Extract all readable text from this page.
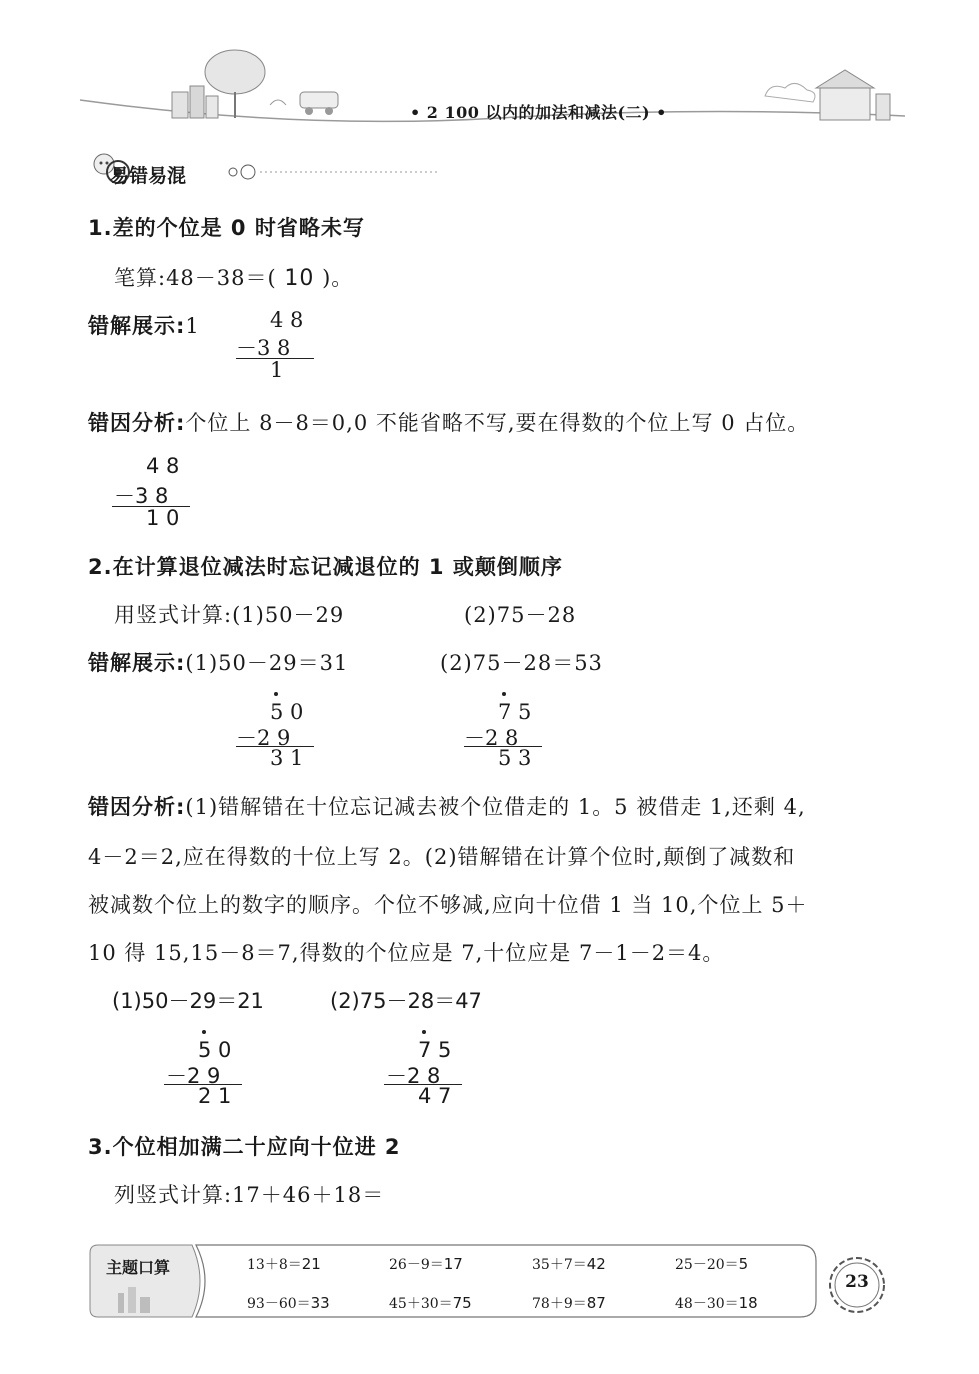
• 2 100 以内的加法和减法(二) •
易错易混
1.差的个位是 0 时省略未写
笔算:48－38＝( 10 )。
错解展示:1	4 8
－3 8
1
错因分析:个位上 8－8＝0,0 不能省略不写,要在得数的个位上写 0 占位。
4 8
－3 8
1 0
2.在计算退位减法时忘记减退位的 1 或颠倒顺序
用竖式计算:(1)50－29	(2)75－28
错解展示:(1)50－29＝31	(2)75－28＝53
5 0
－2 9
3 1
7 5
－2 8
5 3
错因分析:(1)错解错在十位忘记减去被个位借走的 1。5 被借走 1,还剩 4,
4－2＝2,应在得数的十位上写 2。(2)错解错在计算个位时,颠倒了减数和
被减数个位上的数字的顺序。个位不够减,应向十位借 1 当 10,个位上 5＋
10 得 15,15－8＝7,得数的个位应是 7,十位应是 7－1－2＝4。
(1)50－29＝21	(2)75－28＝47
5 0
－2 9
2 1
7 5
－2 8
4 7
3.个位相加满二十应向十位进 2
列竖式计算:17＋46＋18＝
主题口算	13＋8＝21	26－9＝17	35＋7＝42	25－20＝5
93－60＝33	45＋30＝75	78＋9＝87	48－30＝18
23
